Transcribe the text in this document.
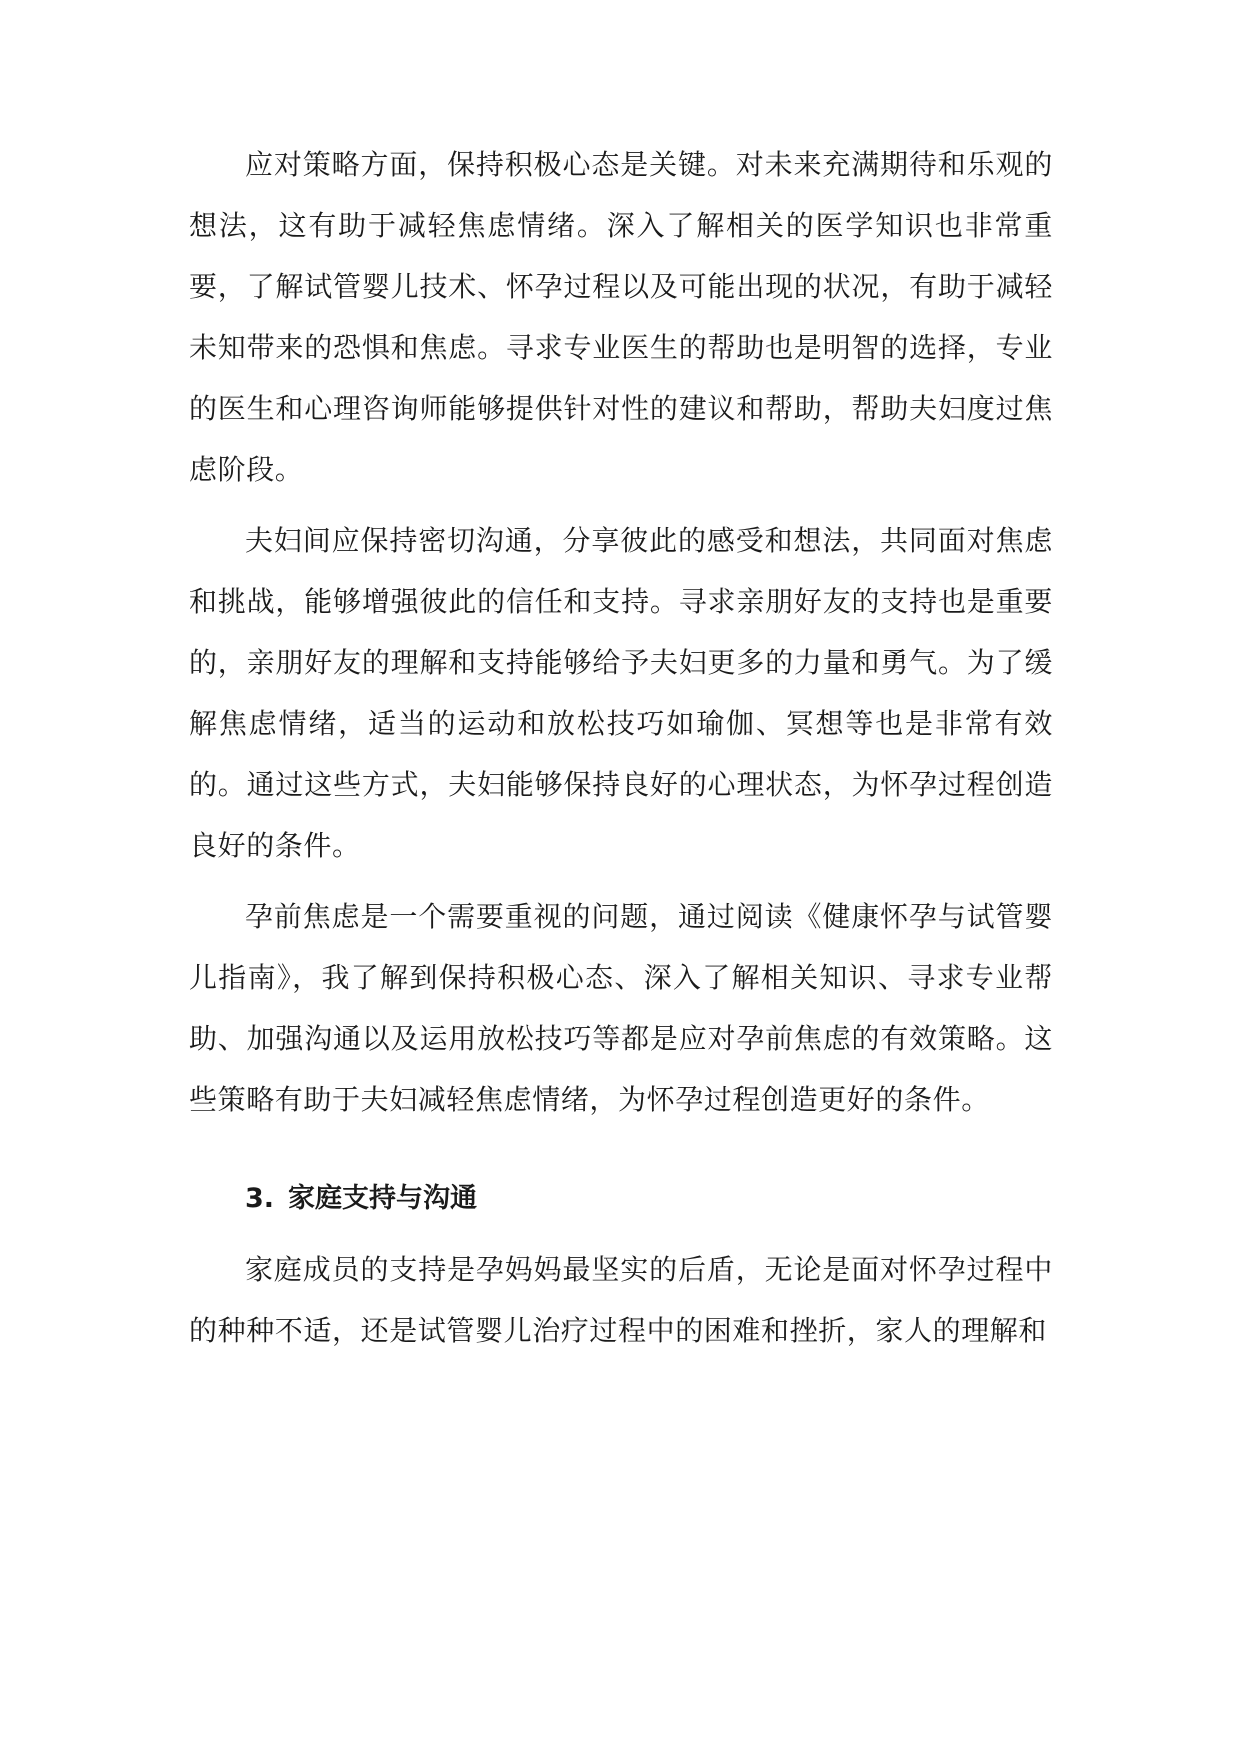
应对策略方面，保持积极心态是关键。对未来充满期待和乐观的想法，这有助于减轻焦虑情绪。深入了解相关的医学知识也非常重要，了解试管婴儿技术、怀孕过程以及可能出现的状况，有助于减轻未知带来的恐惧和焦虑。寻求专业医生的帮助也是明智的选择，专业的医生和心理咨询师能够提供针对性的建议和帮助，帮助夫妇度过焦虑阶段。

夫妇间应保持密切沟通，分享彼此的感受和想法，共同面对焦虑和挑战，能够增强彼此的信任和支持。寻求亲朋好友的支持也是重要的，亲朋好友的理解和支持能够给予夫妇更多的力量和勇气。为了缓解焦虑情绪，适当的运动和放松技巧如瑜伽、冥想等也是非常有效的。通过这些方式，夫妇能够保持良好的心理状态，为怀孕过程创造良好的条件。

孕前焦虑是一个需要重视的问题，通过阅读《健康怀孕与试管婴儿指南》，我了解到保持积极心态、深入了解相关知识、寻求专业帮助、加强沟通以及运用放松技巧等都是应对孕前焦虑的有效策略。这些策略有助于夫妇减轻焦虑情绪，为怀孕过程创造更好的条件。

3. 家庭支持与沟通

家庭成员的支持是孕妈妈最坚实的后盾，无论是面对怀孕过程中的种种不适，还是试管婴儿治疗过程中的困难和挫折，家人的理解和
